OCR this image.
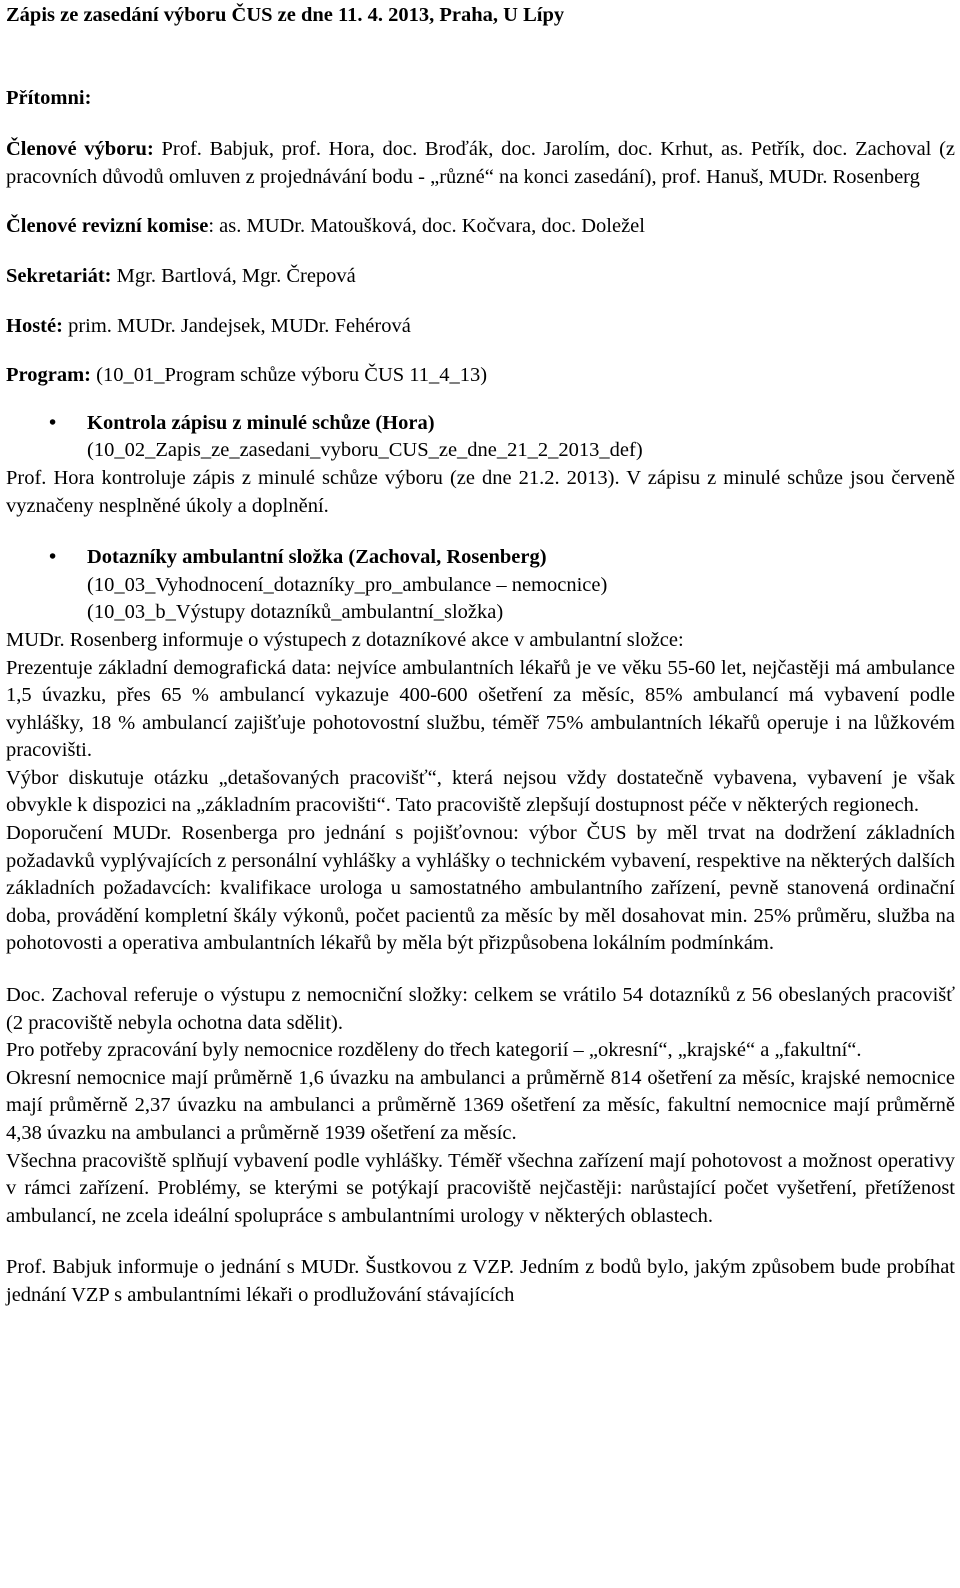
Zápis ze zasedání výboru ČUS ze dne 11. 4. 2013, Praha, U Lípy

Přítomni:

Členové výboru: Prof. Babjuk, prof. Hora, doc. Broďák, doc. Jarolím, doc. Krhut, as. Petřík, doc. Zachoval (z pracovních důvodů omluven z projednávání bodu - „různé“ na konci zasedání), prof. Hanuš, MUDr. Rosenberg

Členové revizní komise: as. MUDr. Matoušková, doc. Kočvara, doc. Doležel

Sekretariát: Mgr. Bartlová, Mgr. Črepová

Hosté: prim. MUDr. Jandejsek, MUDr. Fehérová

Program: (10_01_Program schůze výboru ČUS 11_4_13)

• Kontrola zápisu z minulé schůze (Hora)

(10_02_Zapis_ze_zasedani_vyboru_CUS_ze_dne_21_2_2013_def)

Prof. Hora kontroluje zápis z minulé schůze výboru (ze dne 21.2. 2013). V zápisu z minulé schůze jsou červeně vyznačeny nesplněné úkoly a doplnění.

• Dotazníky ambulantní složka (Zachoval, Rosenberg)

(10_03_Vyhodnocení_dotazníky_pro_ambulance – nemocnice)

(10_03_b_Výstupy dotazníků_ambulantní_složka)

MUDr. Rosenberg informuje o výstupech z dotazníkové akce v ambulantní složce:

Prezentuje základní demografická data: nejvíce ambulantních lékařů je ve věku 55-60 let, nejčastěji má ambulance 1,5 úvazku, přes 65 % ambulancí vykazuje 400-600 ošetření za měsíc, 85% ambulancí má vybavení podle vyhlášky, 18 % ambulancí zajišťuje pohotovostní službu, téměř 75% ambulantních lékařů operuje i na lůžkovém pracovišti.

Výbor diskutuje otázku „detašovaných pracovišť“, která nejsou vždy dostatečně vybavena, vybavení je však obvykle k dispozici na „základním pracovišti“. Tato pracoviště zlepšují dostupnost péče v některých regionech.

Doporučení MUDr. Rosenberga pro jednání s pojišťovnou: výbor ČUS by měl trvat na dodržení základních požadavků vyplývajících z personální vyhlášky a vyhlášky o technickém vybavení, respektive na některých dalších základních požadavcích: kvalifikace urologa u samostatného ambulantního zařízení, pevně stanovená ordinační doba, provádění kompletní škály výkonů, počet pacientů za měsíc by měl dosahovat min. 25% průměru, služba na pohotovosti a operativa ambulantních lékařů by měla být přizpůsobena lokálním podmínkám.

Doc. Zachoval referuje o výstupu z nemocniční složky: celkem se vrátilo 54 dotazníků z 56 obeslaných pracovišť (2 pracoviště nebyla ochotna data sdělit).

Pro potřeby zpracování byly nemocnice rozděleny do třech kategorií – „okresní“, „krajské“ a „fakultní“.

Okresní nemocnice mají průměrně 1,6 úvazku na ambulanci a průměrně 814 ošetření za měsíc, krajské nemocnice mají průměrně 2,37 úvazku na ambulanci a průměrně 1369 ošetření za měsíc, fakultní nemocnice mají průměrně 4,38 úvazku na ambulanci a průměrně 1939 ošetření za měsíc.

Všechna pracoviště splňují vybavení podle vyhlášky. Téměř všechna zařízení mají pohotovost a možnost operativy v rámci zařízení. Problémy, se kterými se potýkají pracoviště nejčastěji: narůstající počet vyšetření, přetíženost ambulancí, ne zcela ideální spolupráce s ambulantními urology v některých oblastech.

Prof. Babjuk informuje o jednání s MUDr. Šustkovou z VZP. Jedním z bodů bylo, jakým způsobem bude probíhat jednání VZP s ambulantními lékaři o prodlužování stávajících
